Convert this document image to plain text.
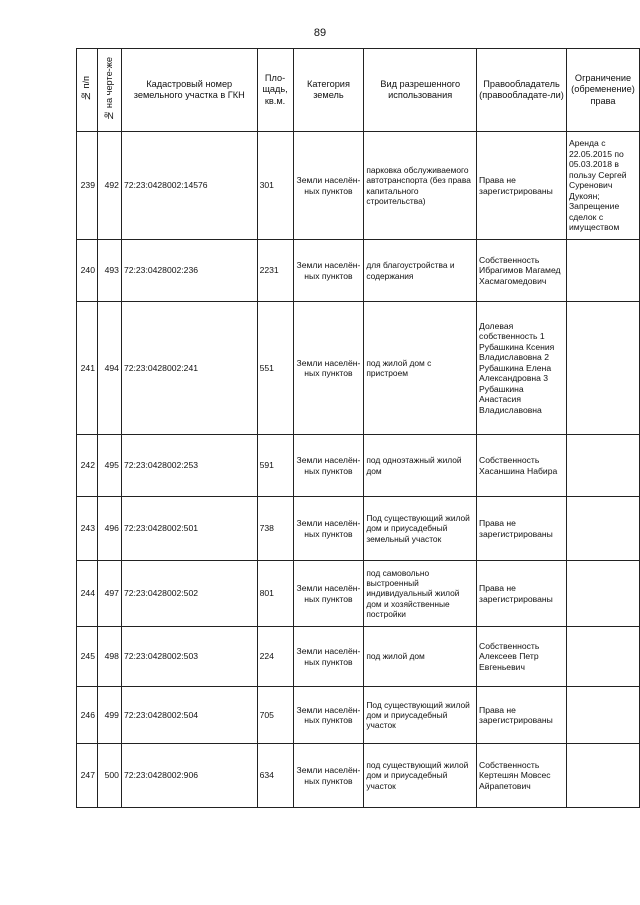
89
№ п/п	№ на черте-же	Кадастровый номер земельного участка в ГКН	Пло-щадь, кв.м.	Категория земель	Вид разрешенного использования	Правообладатель (правообладате-ли)	Ограничение (обременение) права
239	492	72:23:0428002:14576	301	Земли населён-ных пунктов	парковка обслуживаемого автотранспорта (без права капитального строительства)	Права не зарегистрированы	Аренда с 22.05.2015 по 05.03.2018 в пользу Сергей Суренович Дукоян; Запрещение сделок с имуществом
240	493	72:23:0428002:236	2231	Земли населён-ных пунктов	для благоустройства и содержания	Собственность Ибрагимов Магамед Хасмагомедович	
241	494	72:23:0428002:241	551	Земли населён-ных пунктов	под жилой дом с пристроем	Долевая собственность 1 Рубашкина Ксения Владиславовна 2 Рубашкина Елена Александровна 3 Рубашкина Анастасия Владиславовна	
242	495	72:23:0428002:253	591	Земли населён-ных пунктов	под одноэтажный жилой дом	Собственность Хасаншина Набира	
243	496	72:23:0428002:501	738	Земли населён-ных пунктов	Под существующий жилой дом и приусадебный земельный участок	Права не зарегистрированы	
244	497	72:23:0428002:502	801	Земли населён-ных пунктов	под самовольно выстроенный индивидуальный жилой дом и хозяйственные постройки	Права не зарегистрированы	
245	498	72:23:0428002:503	224	Земли населён-ных пунктов	под жилой дом	Собственность Алексеев Петр Евгеньевич	
246	499	72:23:0428002:504	705	Земли населён-ных пунктов	Под существующий жилой дом и приусадебный участок	Права не зарегистрированы	
247	500	72:23:0428002:906	634	Земли населён-ных пунктов	под существующий жилой дом и приусадебный участок	Собственность Кертешян Мовсес Айрапетович	
